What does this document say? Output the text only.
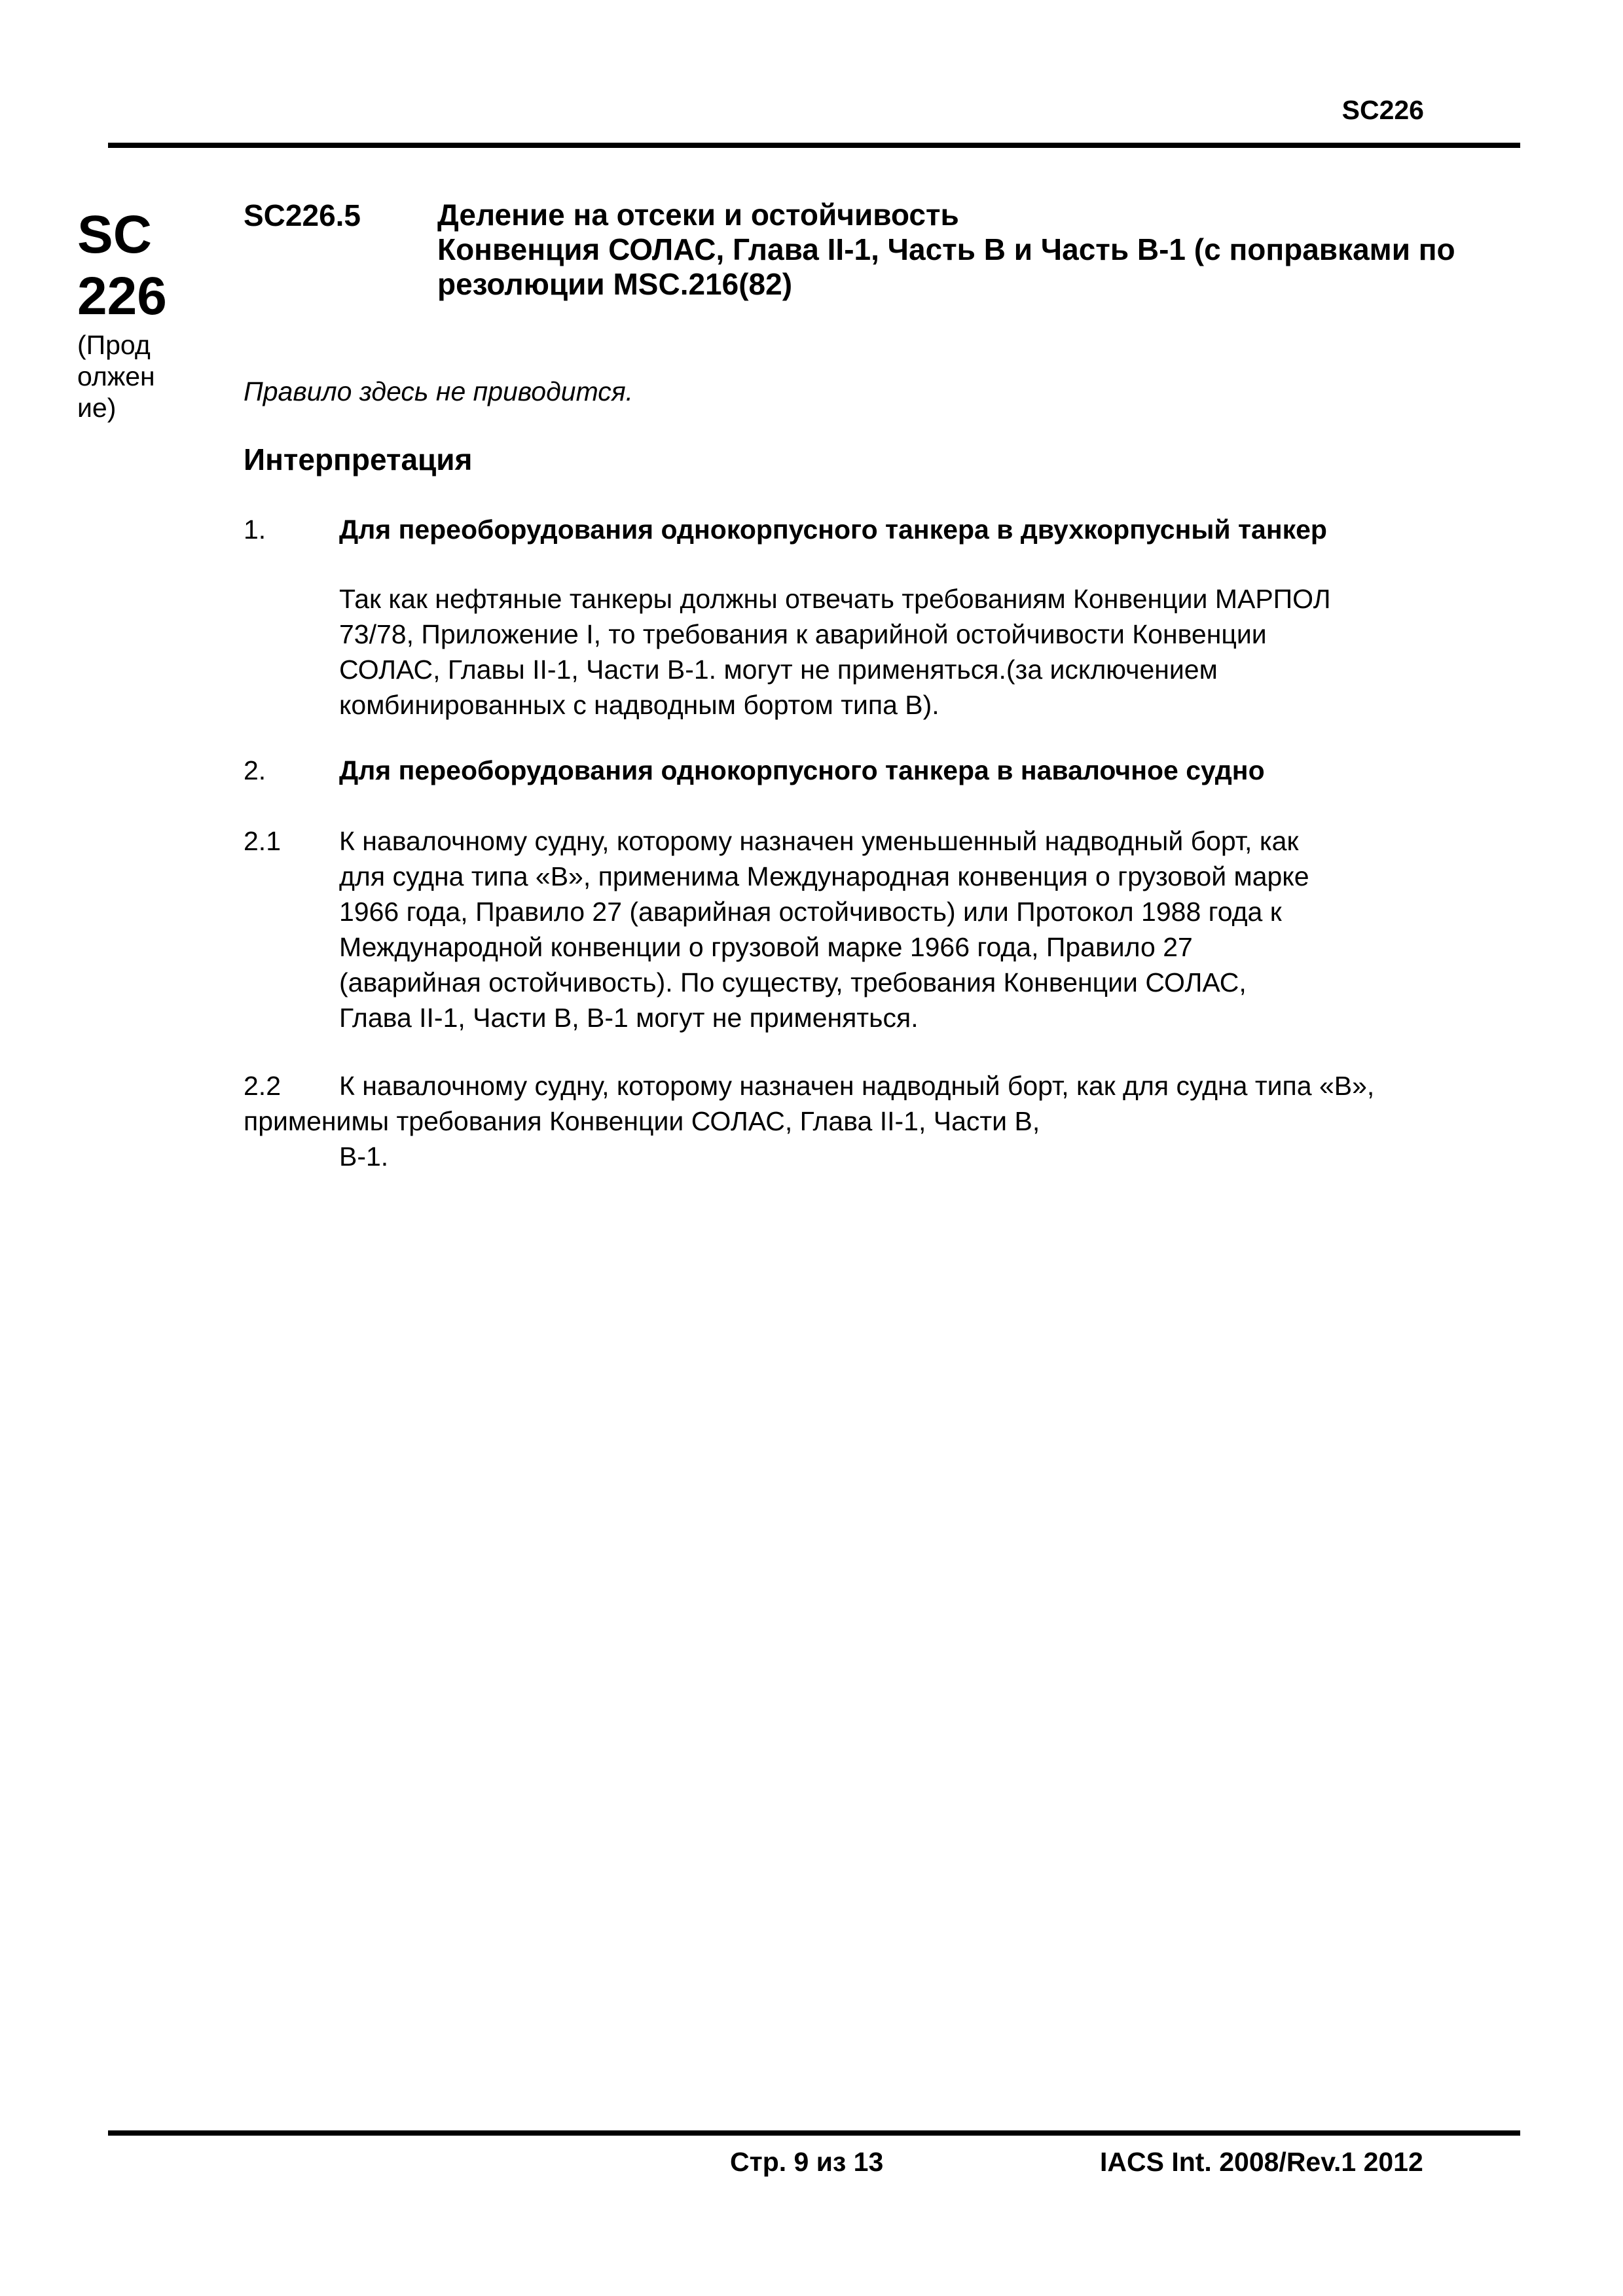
SC226
SC
226
(Прод
олжен
ие)
SC226.5	Деление на отсеки и остойчивость
Конвенция СОЛАС, Глава II-1, Часть B и Часть B-1 (с поправками по
резолюции MSC.216(82)
Правило здесь не приводится.
Интерпретация
1.	Для переоборудования однокорпусного танкера в двухкорпусный танкер
Так как нефтяные танкеры должны отвечать требованиям Конвенции МАРПОЛ
73/78, Приложение I, то требования к аварийной остойчивости Конвенции
СОЛАС, Главы II-1, Части B-1. могут не применяться.(за исключением
комбинированных с надводным бортом типа B).
2.	Для переоборудования однокорпусного танкера в навалочное судно
2.1 К навалочному судну, которому назначен уменьшенный надводный борт, как
для судна типа «В», применима Международная конвенция о грузовой марке
1966 года, Правило 27 (аварийная остойчивость) или Протокол 1988 года к
Международной конвенции о грузовой марке 1966 года, Правило 27
(аварийная остойчивость). По существу, требования Конвенции СОЛАС,
Глава II-1, Части B, B-1 могут не применяться.
2.2 К навалочному судну, которому назначен надводный борт, как для судна типа «В»,
применимы требования Конвенции СОЛАС, Глава II-1, Части B,
B-1.
Стр. 9 из 13	IACS Int. 2008/Rev.1 2012
